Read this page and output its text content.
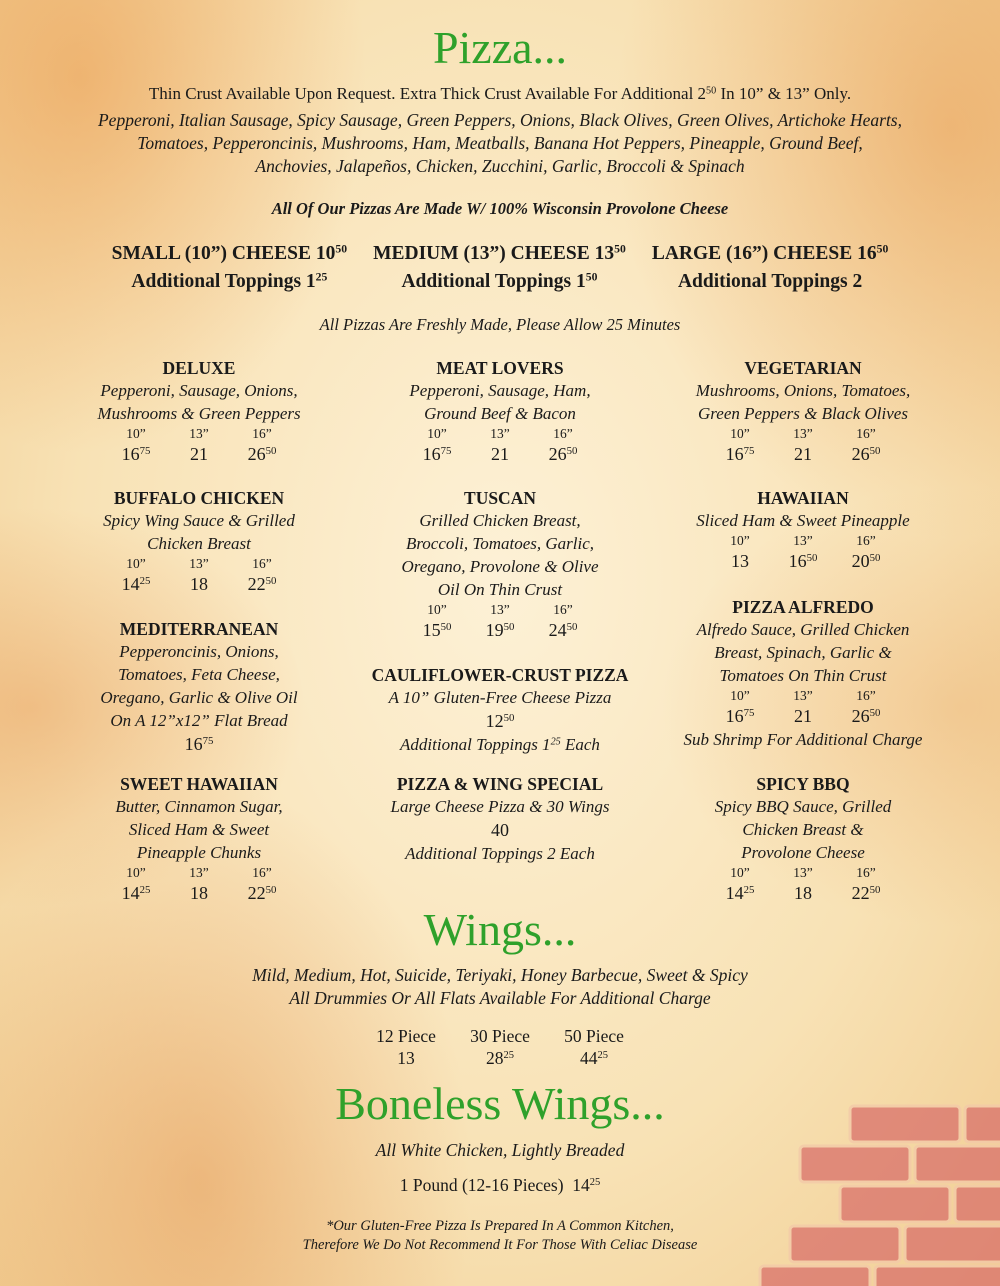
Pizza...
Thin Crust Available Upon Request. Extra Thick Crust Available For Additional $2^{50}$ In 10” & 13” Only.
Pepperoni, Italian Sausage, Spicy Sausage, Green Peppers, Onions, Black Olives, Green Olives, Artichoke Hearts,
Tomatoes, Pepperoncinis, Mushrooms, Ham, Meatballs, Banana Hot Peppers, Pineapple, Ground Beef,
Anchovies, Jalapeños, Chicken, Zucchini, Garlic, Broccoli & Spinach
All Of Our Pizzas Are Made W/ 100% Wisconsin Provolone Cheese
SMALL (10”) CHEESE $10^{50}$
Additional Toppings $1^{25}$
MEDIUM (13”) CHEESE $13^{50}$
Additional Toppings $1^{50}$
LARGE (16”) CHEESE $16^{50}$
Additional Toppings 2
All Pizzas Are Freshly Made, Please Allow 25 Minutes
DELUXE
Pepperoni, Sausage, Onions,
Mushrooms & Green Peppers
10”
$16^{75}$
13”
21
16”
$26^{50}$
BUFFALO CHICKEN
Spicy Wing Sauce & Grilled
Chicken Breast
10”
$14^{25}$
13”
18
16”
$22^{50}$
MEDITERRANEAN
Pepperoncinis, Onions,
Tomatoes, Feta Cheese,
Oregano, Garlic & Olive Oil
On A 12”x12” Flat Bread
$16^{75}$
SWEET HAWAIIAN
Butter, Cinnamon Sugar,
Sliced Ham & Sweet
Pineapple Chunks
10”
$14^{25}$
13”
18
16”
$22^{50}$
MEAT LOVERS
Pepperoni, Sausage, Ham,
Ground Beef & Bacon
10”
$16^{75}$
13”
21
16”
$26^{50}$
TUSCAN
Grilled Chicken Breast,
Broccoli, Tomatoes, Garlic,
Oregano, Provolone & Olive
Oil On Thin Crust
10”
$15^{50}$
13”
$19^{50}$
16”
$24^{50}$
CAULIFLOWER-CRUST PIZZA
A 10” Gluten-Free Cheese Pizza
$12^{50}$
Additional Toppings $1^{25}$ Each
PIZZA & WING SPECIAL
Large Cheese Pizza & 30 Wings
40
Additional Toppings 2 Each
VEGETARIAN
Mushrooms, Onions, Tomatoes,
Green Peppers & Black Olives
10”
$16^{75}$
13”
21
16”
$26^{50}$
HAWAIIAN
Sliced Ham & Sweet Pineapple
10”
13
13”
$16^{50}$
16”
$20^{50}$
PIZZA ALFREDO
Alfredo Sauce, Grilled Chicken
Breast, Spinach, Garlic &
Tomatoes On Thin Crust
10”
$16^{75}$
13”
21
16”
$26^{50}$
Sub Shrimp For Additional Charge
SPICY BBQ
Spicy BBQ Sauce, Grilled
Chicken Breast &
Provolone Cheese
10”
$14^{25}$
13”
18
16”
$22^{50}$
Wings...
Mild, Medium, Hot, Suicide, Teriyaki, Honey Barbecue, Sweet & Spicy
All Drummies Or All Flats Available For Additional Charge
12 Piece
13
30 Piece
$28^{25}$
50 Piece
$44^{25}$
Boneless Wings...
All White Chicken, Lightly Breaded
1 Pound (12-16 Pieces)  $14^{25}$
*Our Gluten-Free Pizza Is Prepared In A Common Kitchen,
Therefore We Do Not Recommend It For Those With Celiac Disease
